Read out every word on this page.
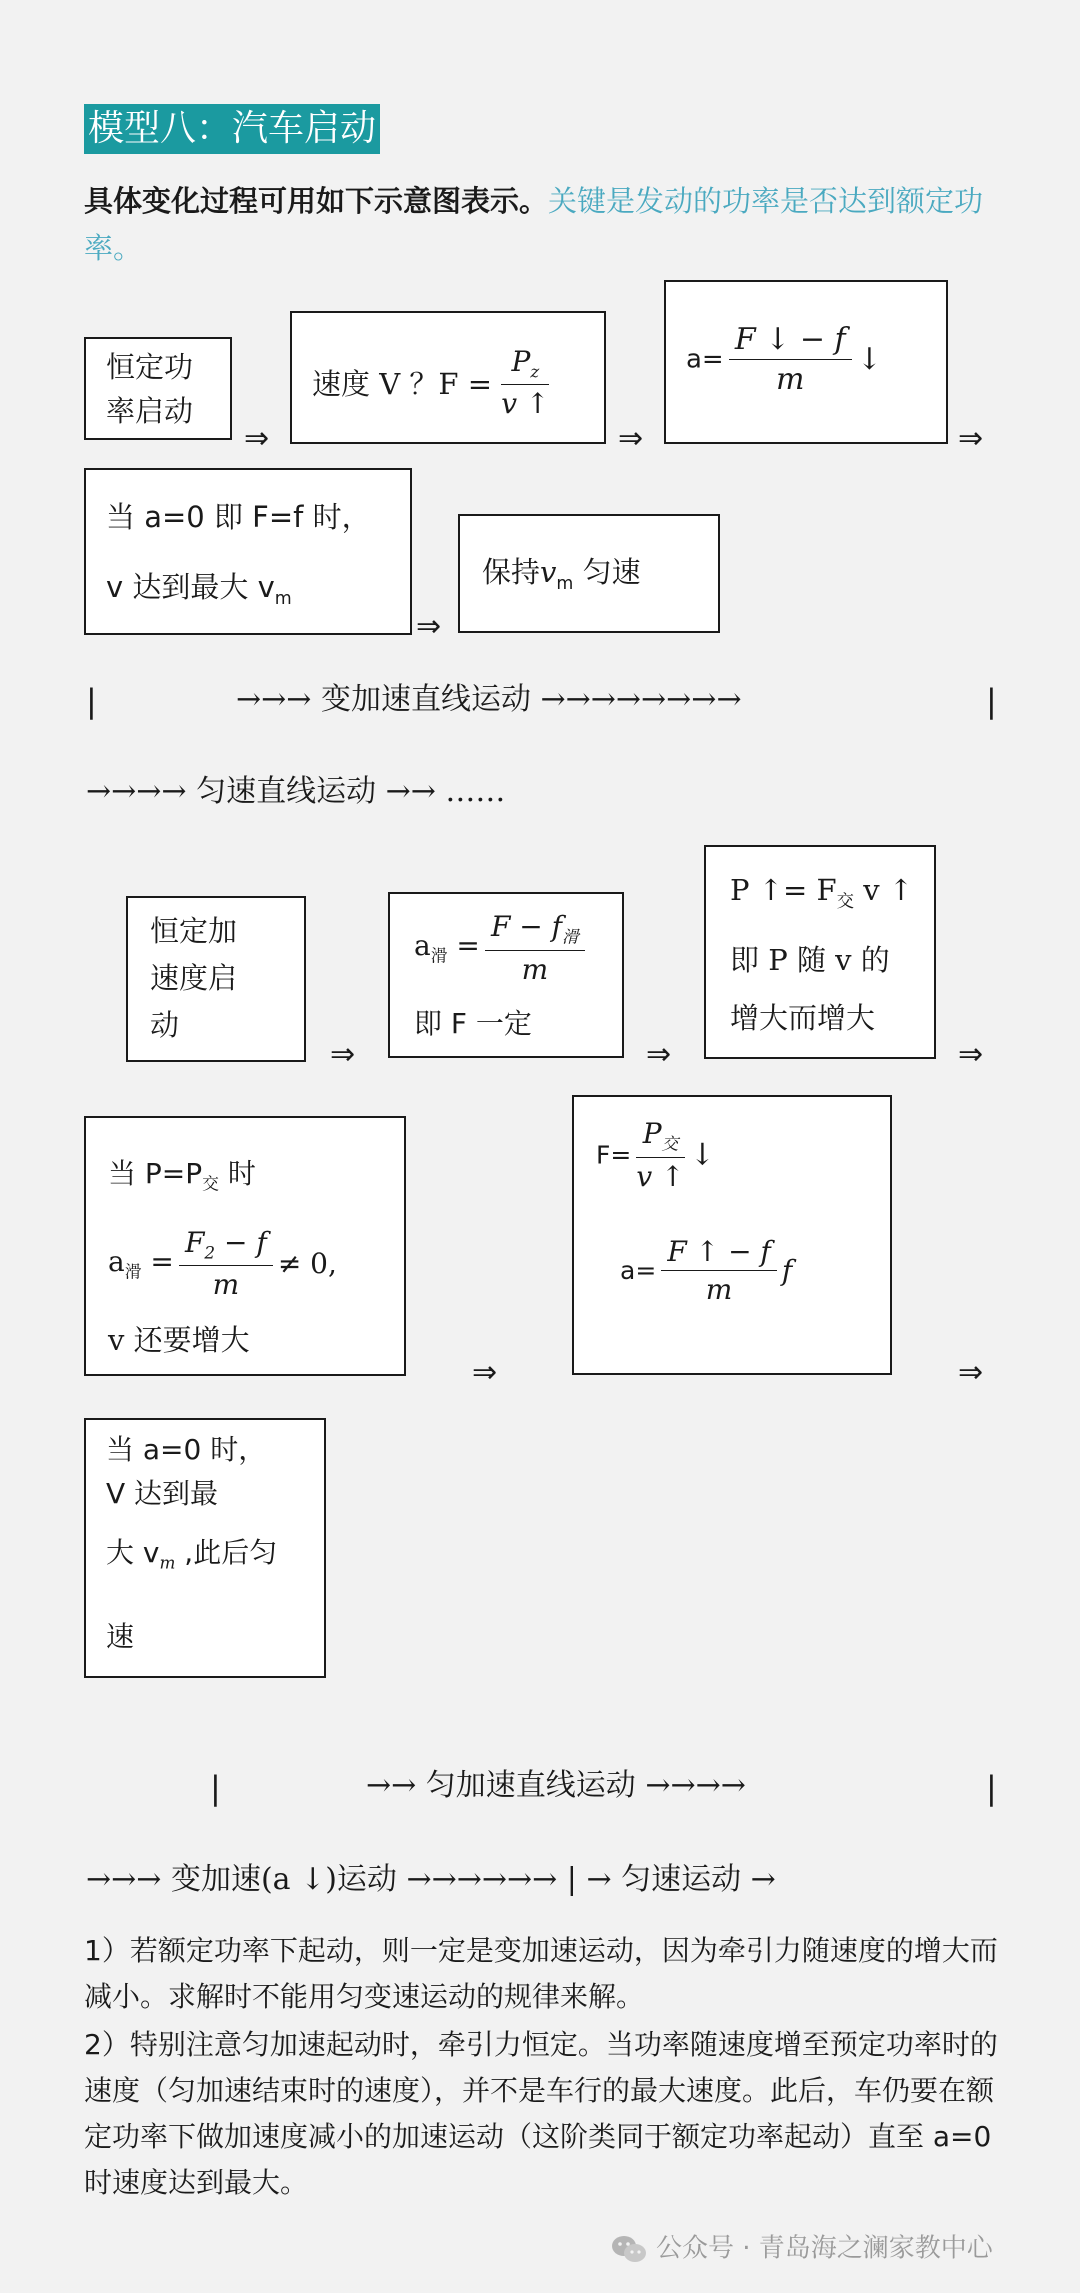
模型八：汽车启动
具体变化过程可用如下示意图表示。关键是发动的功率是否达到额定功率。
恒定功
率启动
⇒
速度 V ？$F = \frac{P_z}{v ↑}$
⇒
$a= \frac{F ↓ - f}{m}$ ↓
⇒
当 a=0 即 F=f 时，
v 达到最大 $v_m$
⇒
保持$v_m$ 匀速
|	→→→ 变加速直线运动 →→→→→→→→	|
→→→→ 匀速直线运动 →→ ……
恒定加
速度启
动
⇒
$a_滑 = \frac{F - f_滑}{m}$
即 F 一定
⇒
P ↑= $F_交$ v ↑
即 P 随 v 的
增大而增大
⇒
当 $P=P_交$ 时
$a_滑 = \frac{F_2 - f}{m} \ne 0$,
v 还要增大
⇒
$F= \frac{P_交}{v ↑}$ ↓
$a= \frac{F ↑ - f}{m}$ f
⇒
当 a=0 时，
V 达到最
大 $v_m$ ,此后匀
速
|	→→ 匀加速直线运动 →→→→	|
→→→ 变加速(a ↓)运动 →→→→→→ | → 匀速运动 →
1）若额定功率下起动，则一定是变加速运动，因为牵引力随速度的增大而减小。求解时不能用匀变速运动的规律来解。
2）特别注意匀加速起动时，牵引力恒定。当功率随速度增至预定功率时的速度（匀加速结束时的速度），并不是车行的最大速度。此后，车仍要在额定功率下做加速度减小的加速运动（这阶类同于额定功率起动）直至 a=0 时速度达到最大。
公众号 · 青岛海之澜家教中心
